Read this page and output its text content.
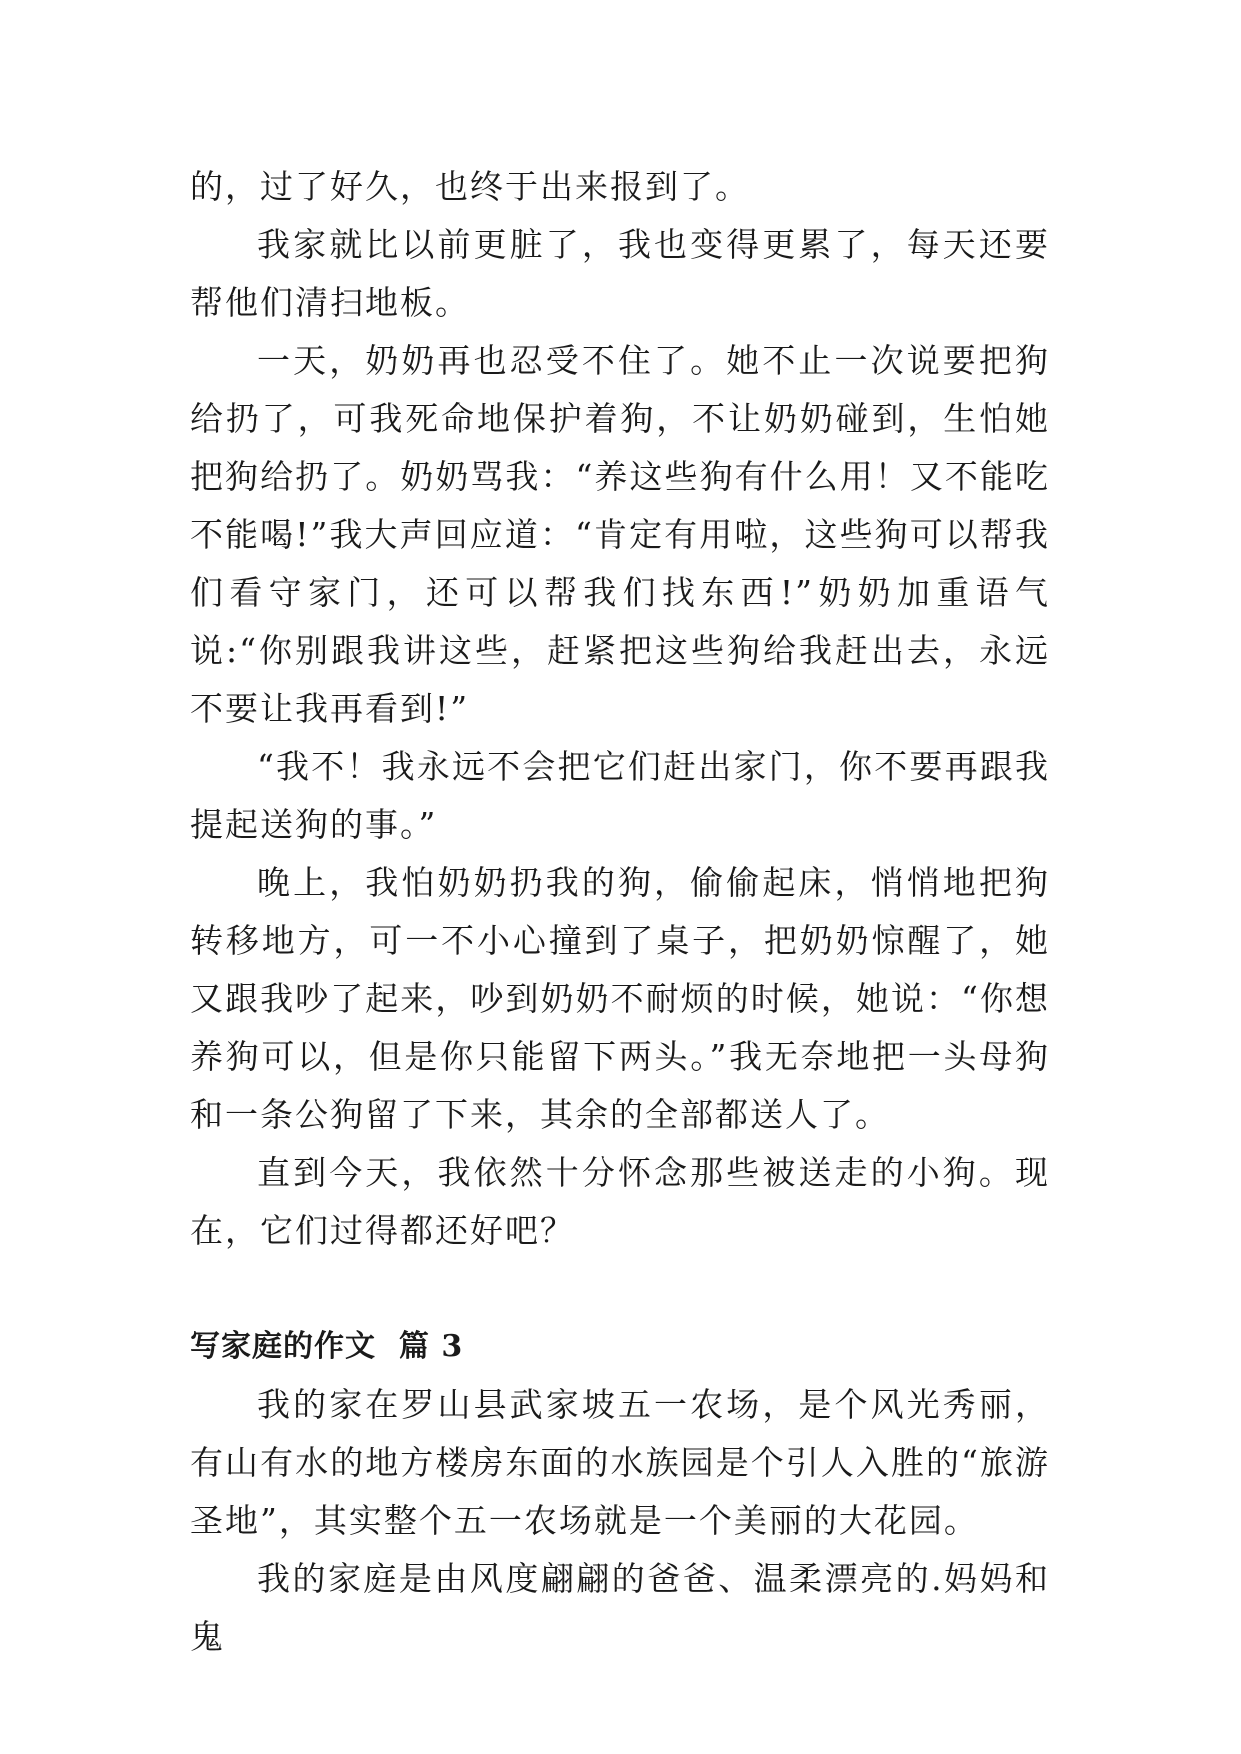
的，过了好久，也终于出来报到了。

我家就比以前更脏了，我也变得更累了，每天还要帮他们清扫地板。

一天，奶奶再也忍受不住了。她不止一次说要把狗给扔了，可我死命地保护着狗，不让奶奶碰到，生怕她把狗给扔了。奶奶骂我：“养这些狗有什么用！又不能吃不能喝!”我大声回应道：“肯定有用啦，这些狗可以帮我们看守家门，还可以帮我们找东西!”奶奶加重语气说:“你别跟我讲这些，赶紧把这些狗给我赶出去，永远不要让我再看到!”

“我不！我永远不会把它们赶出家门，你不要再跟我提起送狗的事。”

晚上，我怕奶奶扔我的狗，偷偷起床，悄悄地把狗转移地方，可一不小心撞到了桌子，把奶奶惊醒了，她又跟我吵了起来，吵到奶奶不耐烦的时候，她说：“你想养狗可以，但是你只能留下两头。”我无奈地把一头母狗和一条公狗留了下来，其余的全部都送人了。

直到今天，我依然十分怀念那些被送走的小狗。现在，它们过得都还好吧？

写家庭的作文  篇 3

我的家在罗山县武家坡五一农场，是个风光秀丽，有山有水的地方楼房东面的水族园是个引人入胜的“旅游圣地”，其实整个五一农场就是一个美丽的大花园。

我的家庭是由风度翩翩的爸爸、温柔漂亮的.妈妈和鬼
